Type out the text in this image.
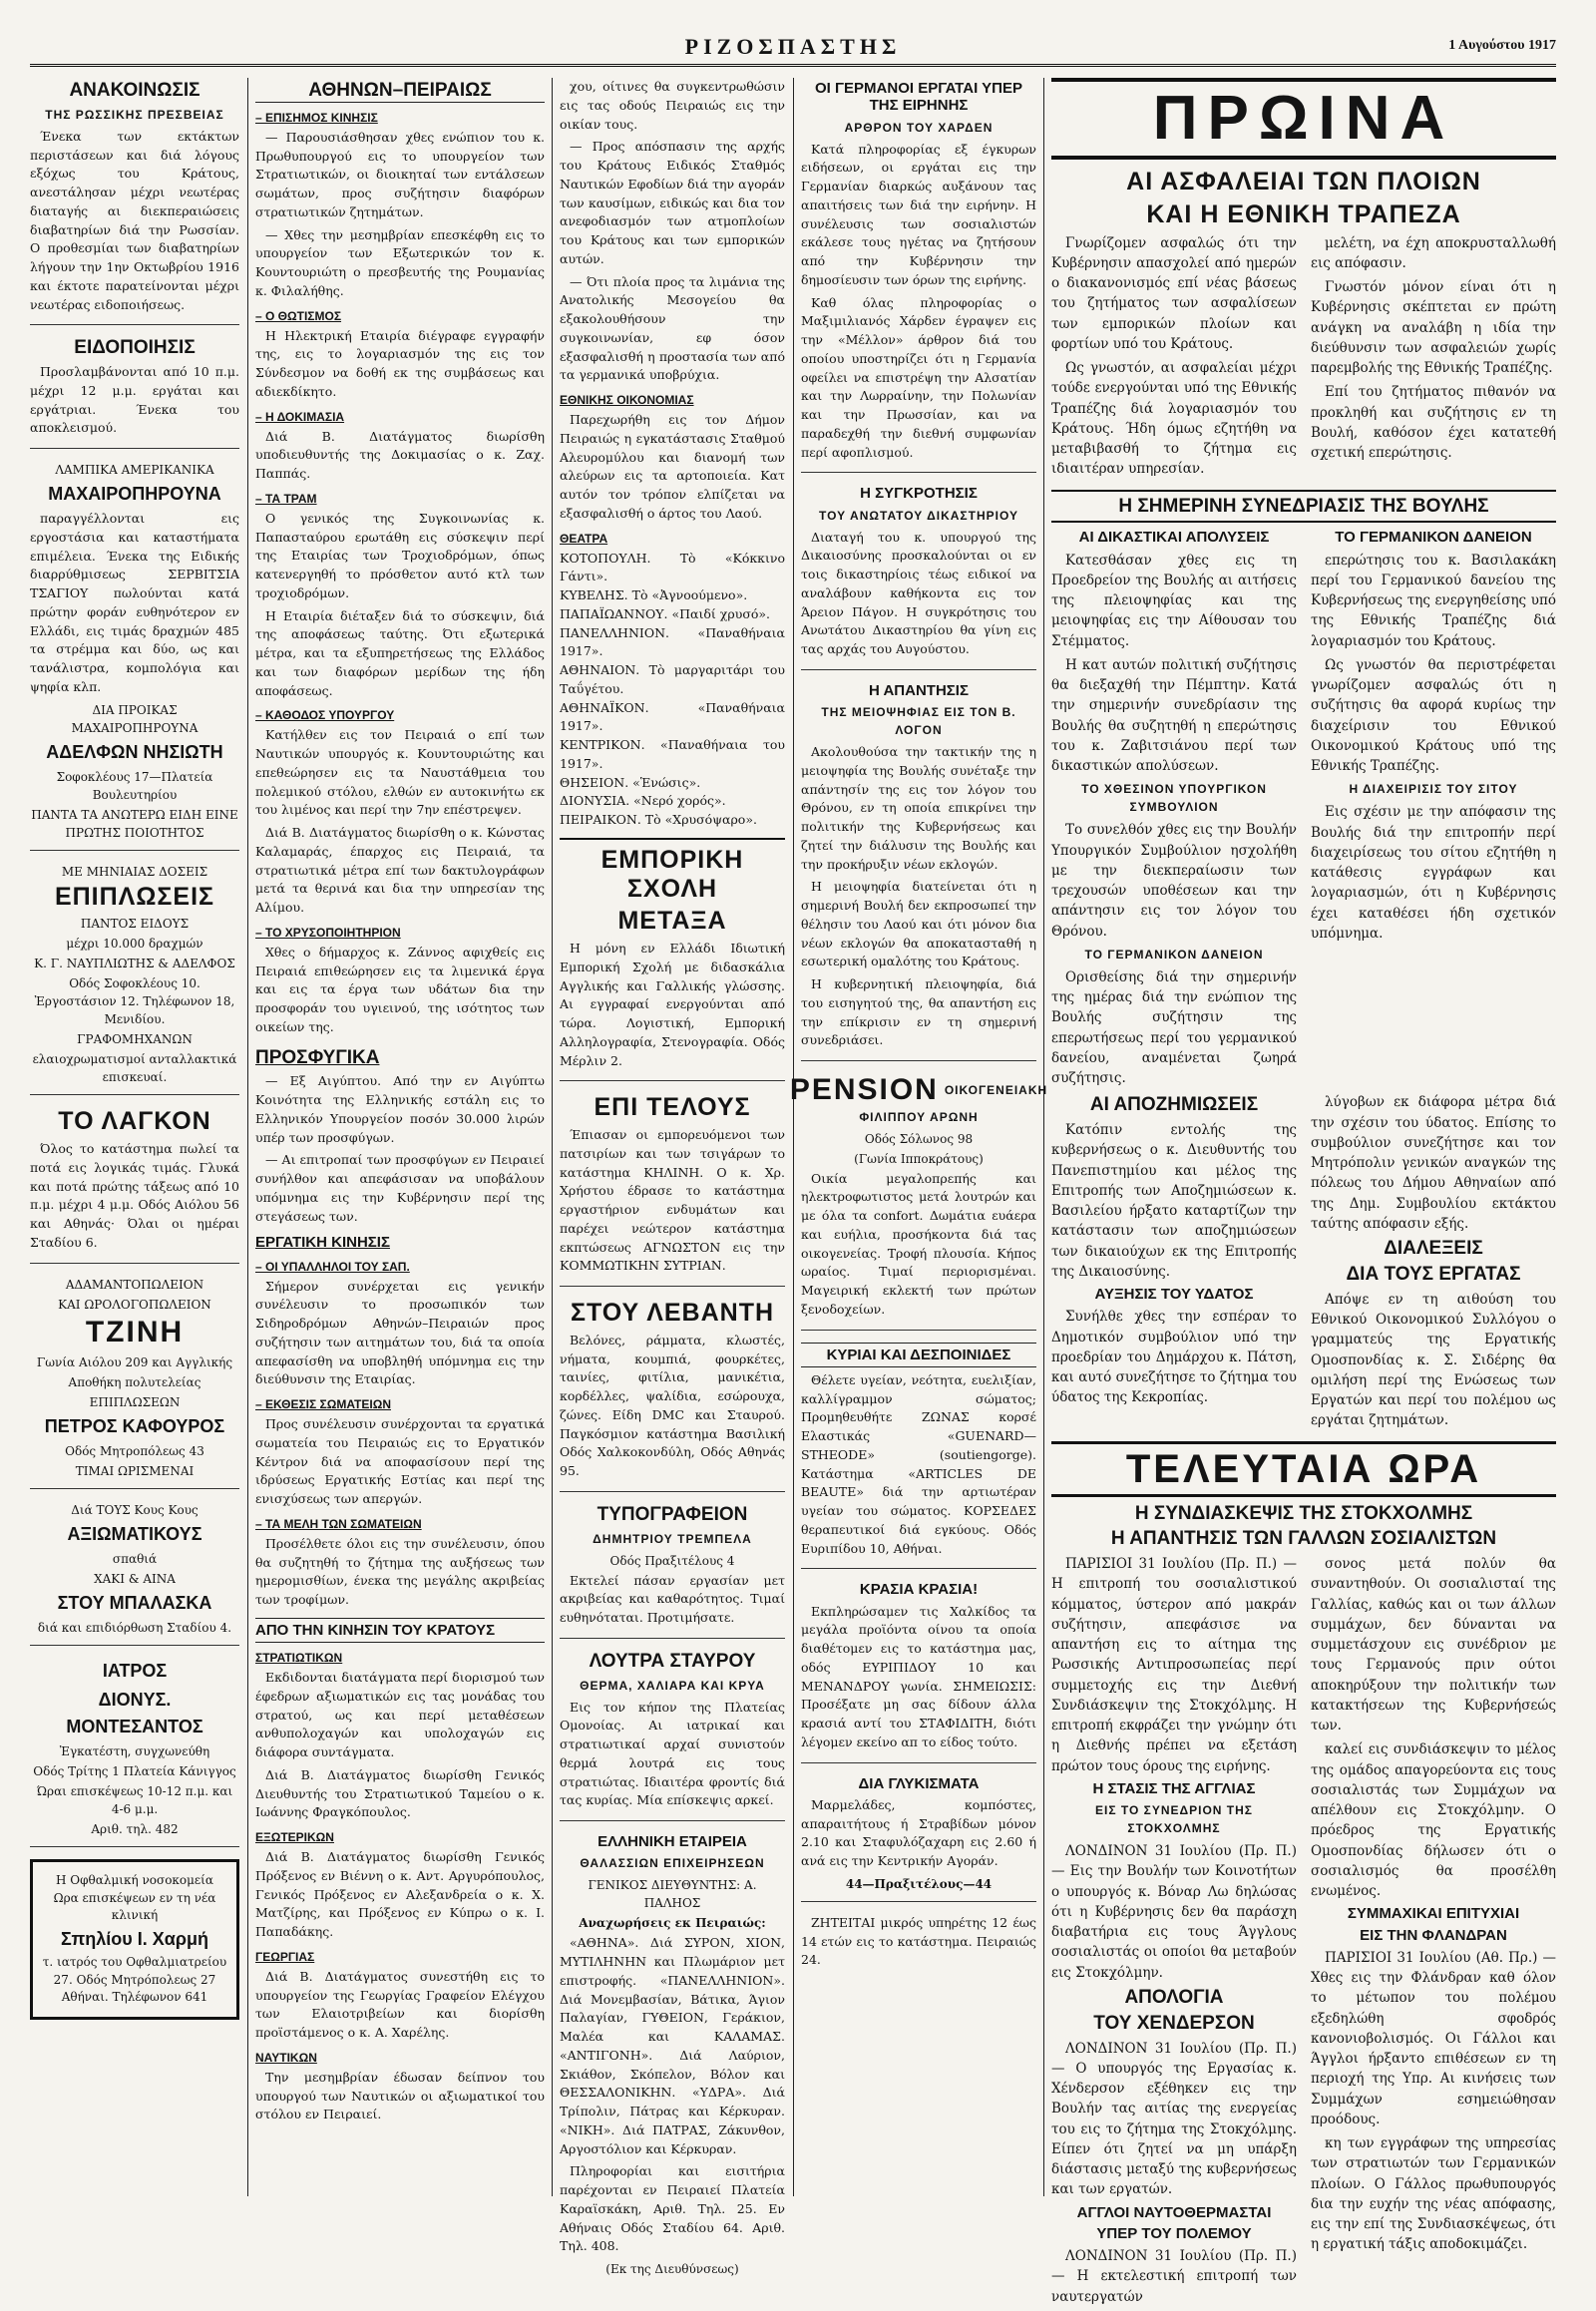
ΡΙΖΟΣΠΑΣΤΗΣ	1 Αυγούστου 1917
ΑΝΑΚΟΙΝΩΣΙΣ
ΤΗΣ ΡΩΣΣΙΚΗΣ ΠΡΕΣΒΕΙΑΣ

Ένεκα των εκτάκτων περιστάσεων και διά λόγους εξόχως του Κράτους, ανεστάλησαν μέχρι νεωτέρας διαταγής αι διεκπεραιώσεις διαβατηρίων διά την Ρωσσίαν. Ο προθεσμίαι των διαβατηρίων λήγουν την 1ην Οκτωβρίου 1916 και έκτοτε παρατείνονται μέχρι νεωτέρας ειδοποιήσεως.

ΕΙΔΟΠΟΙΗΣΙΣ

Προσλαμβάνονται από 10 π.μ. μέχρι 12 μ.μ. εργάται και εργάτριαι. Ένεκα του αποκλεισμού.

ΛΑΜΠΙΚΑ ΑΜΕΡΙΚΑΝΙΚΑ
ΜΑΧΑΙΡΟΠΗΡΟΥΝΑ

παραγγέλλονται εις εργοστάσια και καταστήματα επιμέλεια. Ένεκα της Ειδικής διαρρύθμισεως ΣΕΡΒΙΤΣΙΑ ΤΣΑΓΙΟΥ πωλούνται κατά πρώτην φοράν ευθηνότερον εν Ελλάδι, εις τιμάς δραχμών 485 τα στρέμμα και δύο, ως και τανάλιστρα, κομπολόγια και ψηφία κλπ.

ΔΙΑ ΠΡΟΙΚΑΣ ΜΑΧΑΙΡΟΠΗΡΟΥΝΑ
ΑΔΕΛΦΩΝ ΝΗΣΙΩΤΗ
Σοφοκλέους 17—Πλατεία Βουλευτηρίου
ΠΑΝΤΑ ΤΑ ΑΝΩΤΕΡΩ ΕΙΔΗ ΕΙΝΕ ΠΡΩΤΗΣ ΠΟΙΟΤΗΤΟΣ
ΜΕ ΜΗΝΙΑΙΑΣ ΔΟΣΕΙΣ
ΕΠΙΠΛΩΣΕΙΣ
ΠΑΝΤΟΣ ΕΙΔΟΥΣ
μέχρι 10.000 δραχμών
Κ. Γ. ΝΑΥΠΛΙΩΤΗΣ & ΑΔΕΛΦΟΣ
Οδός Σοφοκλέους 10. Ἐργοστάσιον 12. Τηλέφωνον 18, Μενιδίου.
ΓΡΑΦΟΜΗΧΑΝΩΝ
ελαιοχρωματισμοί ανταλλακτικά επισκευαί.
ΤΟ ΛΑΓΚΟΝ

Όλος το κατάστημα πωλεί τα ποτά εις λογικάς τιμάς. Γλυκά και ποτά πρώτης τάξεως από 10 π.μ. μέχρι 4 μ.μ. Οδός Αιόλου 56 και Αθηνάς· Όλαι οι ημέραι Σταδίου 6.

ΑΔΑΜΑΝΤΟΠΩΛΕΙΟΝ
ΚΑΙ ΩΡΟΛΟΓΟΠΩΛΕΙΟΝ
ΤΖΙΝΗ
Γωνία Αιόλου 209 και Αγγλικής
Αποθήκη πολυτελείας
ΕΠΙΠΛΩΣΕΩΝ
ΠΕΤΡΟΣ ΚΑΦΟΥΡΟΣ
Οδός Μητροπόλεως 43
ΤΙΜΑΙ ΩΡΙΣΜΕΝΑΙ
Διά ΤΟΥΣ Κους Κους
ΑΞΙΩΜΑΤΙΚΟΥΣ
σπαθιά
ΧΑΚΙ & ΑΙΝΑ
ΣΤΟΥ ΜΠΑΛΑΣΚΑ
διά και επιδιόρθωση Σταδίου 4.
ΙΑΤΡΟΣ
ΔΙΟΝΥΣ. ΜΟΝΤΕΣΑΝΤΟΣ
Ἐγκατέστη, συγχωνεύθη
Οδός Τρίτης 1 Πλατεία Κάνιγγος
Ώραι επισκέψεως 10-12 π.μ. και 4-6 μ.μ.
Αριθ. τηλ. 482
Η Οφθαλμική νοσοκομεία
Ωρα επισκέψεων εν τη νέα κλινική
Σπηλίου Ι. Χαρμή
τ. ιατρός του Οφθαλμιατρείου
27. Οδός Μητρόπολεως 27
Αθήναι. Τηλέφωνον 641
ΑΘΗΝΩΝ–ΠΕΙΡΑΙΩΣ
– ΕΠΙΣΗΜΟΣ ΚΙΝΗΣΙΣ

— Παρουσιάσθησαν χθες ενώπιον του κ. Πρωθυπουργού εις το υπουργείον των Στρατιωτικών, οι διοικηταί των εντάλσεων σωμάτων, προς συζήτησιν διαφόρων στρατιωτικών ζητημάτων.

— Χθες την μεσημβρίαν επεσκέφθη εις το υπουργείον των Εξωτερικών τον κ. Κουντουριώτη ο πρεσβευτής της Ρουμανίας κ. Φιλαλήθης.

– Ο ΘΩΤΙΣΜΟΣ

Η Ηλεκτρική Εταιρία διέγραφε εγγραφήν της, εις το λογαριασμόν της εις τον Σύνδεσμον να δοθή εκ της συμβάσεως και αδιεκδίκητο.

– Η ΔΟΚΙΜΑΣΙΑ

Διά Β. Διατάγματος διωρίσθη υποδιευθυντής της Δοκιμασίας ο κ. Ζαχ. Παππάς.

– ΤΑ ΤΡΑΜ

Ο γενικός της Συγκοινωνίας κ. Παπασταύρου ερωτάθη εις σύσκεψιν περί της Εταιρίας των Τροχιοδρόμων, όπως κατενεργηθή το πρόσθετον αυτό κτλ των τροχιοδρόμων.

Η Εταιρία διέταξεν διά το σύσκεψιν, διά της αποφάσεως ταύτης. Ότι εξωτερικά μέτρα, και τα εξυπηρετήσεως της Ελλάδος και των διαφόρων μερίδων της ήδη αποφάσεως.

– ΚΑΘΟΔΟΣ ΥΠΟΥΡΓΟΥ

Κατήλθεν εις τον Πειραιά ο επί των Ναυτικών υπουργός κ. Κουντουριώτης και επεθεώρησεν εις τα Ναυστάθμεια του πολεμικού στόλου, ελθών εν αυτοκινήτω εκ του λιμένος και περί την 7ην επέστρεψεν.

Διά Β. Διατάγματος διωρίσθη ο κ. Κώνστας Καλαμαράς, έπαρχος εις Πειραιά, τα στρατιωτικά μέτρα επί των δακτυλογράφων μετά τα θερινά και δια την υπηρεσίαν της Αλίμου.

– ΤΟ ΧΡΥΣΟΠΟΙΗΤΗΡΙΟΝ

Χθες ο δήμαρχος κ. Ζάννος αφιχθείς εις Πειραιά επιθεώρησεν εις τα λιμενικά έργα και εις τα έργα των υδάτων δια την προσφοράν του υγιεινού, της ισότητος των οικείων της.

ΠΡΟΣΦΥΓΙΚΑ

— Εξ Αιγύπτου. Από την εν Αιγύπτω Κοινότητα της Ελληνικής εστάλη εις το Ελληνικόν Υπουργείον ποσόν 30.000 λιρών υπέρ των προσφύγων.

— Αι επιτροπαί των προσφύγων εν Πειραιεί συνήλθον και απεφάσισαν να υποβάλουν υπόμνημα εις την Κυβέρνησιν περί της στεγάσεως των.

ΕΡΓΑΤΙΚΗ ΚΙΝΗΣΙΣ
– ΟΙ ΥΠΑΛΛΗΛΟΙ ΤΟΥ ΣΑΠ.

Σήμερον συνέρχεται εις γενικήν συνέλευσιν το προσωπικόν των Σιδηροδρόμων Αθηνών–Πειραιών προς συζήτησιν των αιτημάτων του, διά τα οποία απεφασίσθη να υποβληθή υπόμνημα εις την διεύθυνσιν της Εταιρίας.

– ΕΚΘΕΣΙΣ ΣΩΜΑΤΕΙΩΝ

Προς συνέλευσιν συνέρχονται τα εργατικά σωματεία του Πειραιώς εις το Εργατικόν Κέντρον διά να αποφασίσουν περί της ιδρύσεως Εργατικής Εστίας και περί της ενισχύσεως των απεργών.

– ΤΑ ΜΕΛΗ ΤΩΝ ΣΩΜΑΤΕΙΩΝ

Προσέλθετε όλοι εις την συνέλευσιν, όπου θα συζητηθή το ζήτημα της αυξήσεως των ημερομισθίων, ένεκα της μεγάλης ακριβείας των τροφίμων.

ΑΠΟ ΤΗΝ ΚΙΝΗΣΙΝ ΤΟΥ ΚΡΑΤΟΥΣ
ΣΤΡΑΤΙΩΤΙΚΩΝ

Εκδιδονται διατάγματα περί διορισμού των έφεδρων αξιωματικών εις τας μονάδας του στρατού, ως και περί μεταθέσεων ανθυπολοχαγών και υπολοχαγών εις διάφορα συντάγματα.

Διά Β. Διατάγματος διωρίσθη Γενικός Διευθυντής του Στρατιωτικού Ταμείου ο κ. Ιωάννης Φραγκόπουλος.

ΕΞΩΤΕΡΙΚΩΝ

Διά Β. Διατάγματος διωρίσθη Γενικός Πρόξενος εν Βιέννη ο κ. Αντ. Αργυρόπουλος, Γενικός Πρόξενος εν Αλεξανδρεία ο κ. Χ. Ματζίρης, και Πρόξενος εν Κύπρω ο κ. Ι. Παπαδάκης.

ΓΕΩΡΓΙΑΣ

Διά Β. Διατάγματος συνεστήθη εις το υπουργείον της Γεωργίας Γραφείον Ελέγχου των Ελαιοτριβείων και διορίσθη προϊστάμενος ο κ. Α. Χαρέλης.

ΝΑΥΤΙΚΩΝ

Την μεσημβρίαν έδωσαν δείπνον του υπουργού των Ναυτικών οι αξιωματικοί του στόλου εν Πειραιεί.

χου, οίτινες θα συγκεντρωθώσιν εις τας οδούς Πειραιώς εις την οικίαν τους.

— Προς απόσπασιν της αρχής του Κράτους Ειδικός Σταθμός Ναυτικών Εφοδίων διά την αγοράν των καυσίμων, ειδικώς και δια τον ανεφοδιασμόν των ατμοπλοίων του Κράτους και των εμπορικών αυτών.

— Ότι πλοία προς τα λιμάνια της Ανατολικής Μεσογείου θα εξακολουθήσουν την συγκοινωνίαν, εφ όσον εξασφαλισθή η προστασία των από τα γερμανικά υποβρύχια.

ΕΘΝΙΚΗΣ ΟΙΚΟΝΟΜΙΑΣ

Παρεχωρήθη εις τον Δήμον Πειραιώς η εγκατάστασις Σταθμού Αλευρομύλου και διανομή των αλεύρων εις τα αρτοποιεία. Κατ αυτόν τον τρόπον ελπίζεται να εξασφαλισθή ο άρτος του Λαού.

ΘΕΑΤΡΑ
ΚΟΤΟΠΟΥΛΗ. Τὸ «Κόκκινο Γάντι».
ΚΥΒΕΛΗΣ. Τὸ «Ἀγνοούμενο».
ΠΑΠΑΪΩΑΝΝΟΥ. «Παιδί χρυσό».
ΠΑΝΕΛΛΗΝΙΟΝ. «Παναθήναια 1917».
ΑΘΗΝΑΙΟΝ. Τὸ μαργαριτάρι του Ταΰγέτου.
ΑΘΗΝΑΪΚΟΝ. «Παναθήναια 1917».
ΚΕΝΤΡΙΚΟΝ. «Παναθήναια του 1917».
ΘΗΣΕΙΟΝ. «Ἑνώσις».
ΔΙΟΝΥΣΙΑ. «Νερό χορός».
ΠΕΙΡΑΙΚΟΝ. Τὸ «Χρυσόψαρο».
ΕΜΠΟΡΙΚΗ ΣΧΟΛΗ
ΜΕΤΑΞΑ

Η μόνη εν Ελλάδι Ιδιωτική Εμπορική Σχολή με διδασκάλια Αγγλικής και Γαλλικής γλώσσης. Αι εγγραφαί ενεργούνται από τώρα. Λογιστική, Εμπορική Αλληλογραφία, Στενογραφία. Οδός Μέρλιν 2.

ΕΠΙ ΤΕΛΟΥΣ

Έπιασαν οι εμπορευόμενοι των πατσιρίων και των τσιγάρων το κατάστημα ΚΗΛΙΝΗ. Ο κ. Χρ. Χρήστου έδρασε το κατάστημα εργαστήριον ενδυμάτων και παρέχει νεώτερον κατάστημα εκπτώσεως ΑΓΝΩΣΤΟΝ εις την ΚΟΜΜΩΤΙΚΗΝ ΣΥΤΡΙΑΝ.

ΣΤΟΥ ΛΕΒΑΝΤΗ

Βελόνες, ράμματα, κλωστές, νήματα, κουμπιά, φουρκέτες, ταινίες, φιτίλια, μανικέτια, κορδέλλες, ψαλίδια, εσώρουχα, ζώνες. Είδη DMC και Σταυρού. Παγκόσμιον κατάστημα Βασιλική Οδός Χαλκοκονδύλη, Οδός Αθηνάς 95.

ΤΥΠΟΓΡΑΦΕΙΟΝ
ΔΗΜΗΤΡΙΟΥ ΤΡΕΜΠΕΛΑ
Οδός Πραξιτέλους 4

Εκτελεί πάσαν εργασίαν μετ ακριβείας και καθαρότητος. Τιμαί ευθηνόταται. Προτιμήσατε.

ΛΟΥΤΡΑ ΣΤΑΥΡΟΥ
ΘΕΡΜΑ, ΧΑΛΙΑΡΑ ΚΑΙ ΚΡΥΑ

Εις τον κήπον της Πλατείας Ομονοίας. Αι ιατρικαί και στρατιωτικαί αρχαί συνιστούν θερμά λουτρά εις τους στρατιώτας. Ιδιαιτέρα φροντίς διά τας κυρίας. Μία επίσκεψις αρκεί.

ΕΛΛΗΝΙΚΗ ΕΤΑΙΡΕΙΑ
ΘΑΛΑΣΣΙΩΝ ΕΠΙΧΕΙΡΗΣΕΩΝ
ΓΕΝΙΚΟΣ ΔΙΕΥΘΥΝΤΗΣ: Α. ΠΑΛΗΟΣ
Αναχωρήσεις εκ Πειραιώς:

«ΑΘΗΝΑ». Διά ΣΥΡΟΝ, ΧΙΟΝ, ΜΥΤΙΛΗΝΗΝ και Πλωμάριον μετ επιστροφής. «ΠΑΝΕΛΛΗΝΙΟΝ». Διά Μονεμβασίαν, Βάτικα, Άγιον Παλαγίαν, ΓΥΘΕΙΟΝ, Γεράκιον, Μαλέα και ΚΑΛΑΜΑΣ. «ΑΝΤΙΓΟΝΗ». Διά Λαύριον, Σκιάθον, Σκόπελον, Βόλον και ΘΕΣΣΑΛΟΝΙΚΗΝ. «ΥΔΡΑ». Διά Τρίπολιν, Πάτρας και Κέρκυραν. «ΝΙΚΗ». Διά ΠΑΤΡΑΣ, Ζάκυνθον, Αργοστόλιον και Κέρκυραν.

Πληροφορίαι και εισιτήρια παρέχονται εν Πειραιεί Πλατεία Καραϊσκάκη, Αριθ. Τηλ. 25. Εν Αθήναις Οδός Σταδίου 64. Αριθ. Τηλ. 408.

(Εκ της Διευθύνσεως)
ΟΙ ΓΕΡΜΑΝΟΙ ΕΡΓΑΤΑΙ ΥΠΕΡ ΤΗΣ ΕΙΡΗΝΗΣ
ΑΡΘΡΟΝ ΤΟΥ ΧΑΡΔΕΝ

Κατά πληροφορίας εξ έγκυρων ειδήσεων, οι εργάται εις την Γερμανίαν διαρκώς αυξάνουν τας απαιτήσεις των διά την ειρήνην. Η συνέλευσις των σοσιαλιστών εκάλεσε τους ηγέτας να ζητήσουν από την Κυβέρνησιν την δημοσίευσιν των όρων της ειρήνης.

Καθ όλας πληροφορίας ο Μαξιμιλιανός Χάρδεν έγραψεν εις την «Μέλλον» άρθρον διά του οποίου υποστηρίζει ότι η Γερμανία οφείλει να επιστρέψη την Αλσατίαν και την Λωρραίνην, την Πολωνίαν και την Πρωσσίαν, και να παραδεχθή την διεθνή συμφωνίαν περί αφοπλισμού.

Η ΣΥΓΚΡΟΤΗΣΙΣ
ΤΟΥ ΑΝΩΤΑΤΟΥ ΔΙΚΑΣΤΗΡΙΟΥ

Διαταγή του κ. υπουργού της Δικαιοσύνης προσκαλούνται οι εν τοις δικαστηρίοις τέως ειδικοί να αναλάβουν καθήκοντα εις τον Άρειον Πάγον. Η συγκρότησις του Ανωτάτου Δικαστηρίου θα γίνη εις τας αρχάς του Αυγούστου.

Η ΑΠΑΝΤΗΣΙΣ
ΤΗΣ ΜΕΙΟΨΗΦΙΑΣ ΕΙΣ ΤΟΝ Β. ΛΟΓΟΝ

Ακολουθούσα την τακτικήν της η μειοψηφία της Βουλής συνέταξε την απάντησίν της εις τον λόγον του Θρόνου, εν τη οποία επικρίνει την πολιτικήν της Κυβερνήσεως και ζητεί την διάλυσιν της Βουλής και την προκήρυξιν νέων εκλογών.

Η μειοψηφία διατείνεται ότι η σημερινή Βουλή δεν εκπροσωπεί την θέλησιν του Λαού και ότι μόνον δια νέων εκλογών θα αποκατασταθή η εσωτερική ομαλότης του Κράτους.

Η κυβερνητική πλειοψηφία, διά του εισηγητού της, θα απαντήση εις την επίκρισιν εν τη σημερινή συνεδριάσει.

PENSION ΟΙΚΟΓΕΝΕΙΑΚΗ
ΦΙΛΙΠΠΟΥ ΑΡΩΝΗ
Οδός Σόλωνος 98
(Γωνία Ιπποκράτους)

Οικία μεγαλοπρεπής και ηλεκτροφωτιστος μετά λουτρών και με όλα τα confort. Δωμάτια ευάερα και ευήλια, προσήκοντα διά τας οικογενείας. Τροφή πλουσία. Κήπος ωραίος. Τιμαί περιορισμέναι. Μαγειρική εκλεκτή των πρώτων ξενοδοχείων.

ΚΥΡΙΑΙ ΚΑΙ ΔΕΣΠΟΙΝΙΔΕΣ

Θέλετε υγείαν, νεότητα, ευελιξίαν, καλλίγραμμον σώματος; Προμηθευθήτε ΖΩΝΑΣ κορσέ Ελαστικάς «GUENARD—STHEODE» (soutiengorge). Κατάστημα «ARTICLES DE BEAUTE» διά την αρτιωτέραν υγείαν του σώματος. ΚΟΡΣΕΔΕΣ θεραπευτικοί διά εγκύους. Οδός Ευριπίδου 10, Αθήναι.

ΚΡΑΣΙΑ ΚΡΑΣΙΑ!

Εκπληρώσαμεν τις Χαλκίδος τα μεγάλα προϊόντα οίνου τα οποία διαθέτομεν εις το κατάστημα μας, οδός ΕΥΡΙΠΙΔΟΥ 10 και ΜΕΝΑΝΔΡΟΥ γωνία. ΣΗΜΕΙΩΣΙΣ: Προσέξατε μη σας δίδουν άλλα κρασιά αντί του ΣΤΑΦΙΔΙΤΗ, διότι λέγομεν εκείνο απ το είδος τούτο.

ΔΙΑ ΓΛΥΚΙΣΜΑΤΑ

Μαρμελάδες, κομπόστες, απαραιτήτους ή Στραβίδων μόνον 2.10 και Σταφυλόζαχαρη εις 2.60 ή ανά εις την Κεντρικήν Αγοράν.

44—Πραξιτέλους—44

ΖΗΤΕΙΤΑΙ μικρός υπηρέτης 12 έως 14 ετών εις το κατάστημα. Πειραιώς 24.

ΠΡΩΙΝΑ
ΑΙ ΑΣΦΑΛΕΙΑΙ ΤΩΝ ΠΛΟΙΩΝ
ΚΑΙ Η ΕΘΝΙΚΗ ΤΡΑΠΕΖΑ

Γνωρίζομεν ασφαλώς ότι την Κυβέρνησιν απασχολεί από ημερών ο διακανονισμός επί νέας βάσεως του ζητήματος των ασφαλίσεων των εμπορικών πλοίων και φορτίων υπό του Κράτους.

Ως γνωστόν, αι ασφαλείαι μέχρι τούδε ενεργούνται υπό της Εθνικής Τραπέζης διά λογαριασμόν του Κράτους. Ήδη όμως εζητήθη να μεταβιβασθή το ζήτημα εις ιδιαιτέραν υπηρεσίαν.

μελέτη, να έχη αποκρυσταλλωθή εις απόφασιν.

Γνωστόν μόνον είναι ότι η Κυβέρνησις σκέπτεται εν πρώτη ανάγκη να αναλάβη η ιδία την διεύθυνσιν των ασφαλειών χωρίς παρεμβολής της Εθνικής Τραπέζης.

Επί του ζητήματος πιθανόν να προκληθή και συζήτησις εν τη Βουλή, καθόσον έχει κατατεθή σχετική επερώτησις.

Η ΣΗΜΕΡΙΝΗ ΣΥΝΕΔΡΙΑΣΙΣ ΤΗΣ ΒΟΥΛΗΣ
ΑΙ ΔΙΚΑΣΤΙΚΑΙ ΑΠΟΛΥΣΕΙΣ

Κατεσθάσαν χθες εις τη Προεδρείον της Βουλής αι αιτήσεις της πλειοψηφίας και της μειοψηφίας εις την Αίθουσαν του Στέμματος.

Η κατ αυτών πολιτική συζήτησις θα διεξαχθή την Πέμπτην. Κατά την σημερινήν συνεδρίασιν της Βουλής θα συζητηθή η επερώτησις του κ. Ζαβιτσιάνου περί των δικαστικών απολύσεων.

ΤΟ ΧΘΕΣΙΝΟΝ ΥΠΟΥΡΓΙΚΟΝ ΣΥΜΒΟΥΛΙΟΝ

Το συνελθόν χθες εις την Βουλήν Υπουργικόν Συμβούλιον ησχολήθη με την διεκπεραίωσιν των τρεχουσών υποθέσεων και την απάντησιν εις τον λόγον του Θρόνου.

ΤΟ ΓΕΡΜΑΝΙΚΟΝ ΔΑΝΕΙΟΝ

Ορισθείσης διά την σημερινήν της ημέρας διά την ενώπιον της Βουλής συζήτησιν της επερωτήσεως περί του γερμανικού δανείου, αναμένεται ζωηρά συζήτησις.

ΤΟ ΓΕΡΜΑΝΙΚΟΝ ΔΑΝΕΙΟΝ

επερώτησις του κ. Βασιλακάκη περί του Γερμανικού δανείου της Κυβερνήσεως της ενεργηθείσης υπό της Εθνικής Τραπέζης διά λογαριασμόν του Κράτους.

Ως γνωστόν θα περιστρέφεται γνωρίζομεν ασφαλώς ότι η συζήτησις θα αφορά κυρίως την διαχείρισιν του Εθνικού Οικονομικού Κράτους υπό της Εθνικής Τραπέζης.

Η ΔΙΑΧΕΙΡΙΣΙΣ ΤΟΥ ΣΙΤΟΥ

Εις σχέσιν με την απόφασιν της Βουλής διά την επιτροπήν περί διαχειρίσεως του σίτου εζητήθη η κατάθεσις εγγράφων και λογαριασμών, ότι η Κυβέρνησις έχει καταθέσει ήδη σχετικόν υπόμνημα.

ΑΙ ΑΠΟΖΗΜΙΩΣΕΙΣ

Κατόπιν εντολής της κυβερνήσεως ο κ. Διευθυντής του Πανεπιστημίου και μέλος της Επιτροπής των Αποζημιώσεων κ. Βασιλείου ήρξατο καταρτίζων την κατάστασιν των αποζημιώσεων των δικαιούχων εκ της Επιτροπής της Δικαιοσύνης.

ΑΥΞΗΣΙΣ ΤΟΥ ΥΔΑΤΟΣ

Συνήλθε χθες την εσπέραν το Δημοτικόν συμβούλιον υπό την προεδρίαν του Δημάρχου κ. Πάτση, και αυτό συνεζήτησε το ζήτημα του ύδατος της Κεκροπίας.

λύγοβων εκ διάφορα μέτρα διά την σχέσιν του ύδατος. Επίσης το συμβούλιον συνεζήτησε και τον Μητρόπολιν γενικών αναγκών της πόλεως του Δήμου Αθηναίων από της Δημ. Συμβουλίου εκτάκτου ταύτης απόφασιν εξής.

ΔΙΑΛΕΞΕΙΣ
ΔΙΑ ΤΟΥΣ ΕΡΓΑΤΑΣ

Απόψε εν τη αιθούση του Εθνικού Οικονομικού Συλλόγου ο γραμματεύς της Εργατικής Ομοσπονδίας κ. Σ. Σιδέρης θα ομιλήση περί της Ενώσεως των Εργατών και περί του πολέμου ως εργάται ζητημάτων.

ΤΕΛΕΥΤΑΙΑ ΩΡΑ
Η ΣΥΝΔΙΑΣΚΕΨΙΣ ΤΗΣ ΣΤΟΚΧΟΛΜΗΣ
Η ΑΠΑΝΤΗΣΙΣ ΤΩΝ ΓΑΛΛΩΝ ΣΟΣΙΑΛΙΣΤΩΝ

ΠΑΡΙΣΙΟΙ 31 Ιουλίου (Πρ. Π.) — Η επιτροπή του σοσιαλιστικού κόμματος, ύστερον από μακράν συζήτησιν, απεφάσισε να απαντήση εις το αίτημα της Ρωσσικής Αντιπροσωπείας περί συμμετοχής εις την Διεθνή Συνδιάσκεψιν της Στοκχόλμης. Η επιτροπή εκφράζει την γνώμην ότι η Διεθνής πρέπει να εξετάση πρώτον τους όρους της ειρήνης.

Η ΣΤΑΣΙΣ ΤΗΣ ΑΓΓΛΙΑΣ
ΕΙΣ ΤΟ ΣΥΝΕΔΡΙΟΝ ΤΗΣ ΣΤΟΚΧΟΛΜΗΣ

ΛΟΝΔΙΝΟΝ 31 Ιουλίου (Πρ. Π.) — Εις την Βουλήν των Κοινοτήτων ο υπουργός κ. Βόναρ Λω δηλώσας ότι η Κυβέρνησις δεν θα παράσχη διαβατήρια εις τους Άγγλους σοσιαλιστάς οι οποίοι θα μεταβούν εις Στοκχόλμην.

ΑΠΟΛΟΓΙΑ
ΤΟΥ ΧΕΝΔΕΡΣΟΝ

ΛΟΝΔΙΝΟΝ 31 Ιουλίου (Πρ. Π.) — Ο υπουργός της Εργασίας κ. Χένδερσον εξέθηκεν εις την Βουλήν τας αιτίας της ενεργείας του εις το ζήτημα της Στοκχόλμης. Είπεν ότι ζητεί να μη υπάρξη διάστασις μεταξύ της κυβερνήσεως και των εργατών.

ΑΓΓΛΟΙ ΝΑΥΤΟΘΕΡΜΑΣΤΑΙ
ΥΠΕΡ ΤΟΥ ΠΟΛΕΜΟΥ

ΛΟΝΔΙΝΟΝ 31 Ιουλίου (Πρ. Π.) — Η εκτελεστική επιτροπή των ναυτεργατών

σονος μετά πολύν θα συναντηθούν. Οι σοσιαλισταί της Γαλλίας, καθώς και οι των άλλων συμμάχων, δεν δύνανται να συμμετάσχουν εις συνέδριον με τους Γερμανούς πριν ούτοι αποκηρύξουν την πολιτικήν των κατακτήσεων της Κυβερνήσεώς των.

καλεί εις συνδιάσκεψιν το μέλος της ομάδος απαγορεύοντα εις τους σοσιαλιστάς των Συμμάχων να απέλθουν εις Στοκχόλμην. Ο πρόεδρος της Εργατικής Ομοσπονδίας δήλωσεν ότι ο σοσιαλισμός θα προσέλθη ενωμένος.

ΣΥΜΜΑΧΙΚΑΙ ΕΠΙΤΥΧΙΑΙ
ΕΙΣ ΤΗΝ ΦΛΑΝΔΡΑΝ

ΠΑΡΙΣΙΟΙ 31 Ιουλίου (Αθ. Πρ.) — Χθες εις την Φλάνδραν καθ όλον το μέτωπον του πολέμου εξεδηλώθη σφοδρός κανονιοβολισμός. Οι Γάλλοι και Άγγλοι ήρξαντο επιθέσεων εν τη περιοχή της Υπρ. Αι κινήσεις των Συμμάχων εσημειώθησαν προόδους.

κη των εγγράφων της υπηρεσίας των στρατιωτών των Γερμανικών πλοίων. Ο Γάλλος πρωθυπουργός δια την ευχήν της νέας απόφασης, εις την επί της Συνδιασκέψεως, ότι η εργατική τάξις αποδοκιμάζει.
